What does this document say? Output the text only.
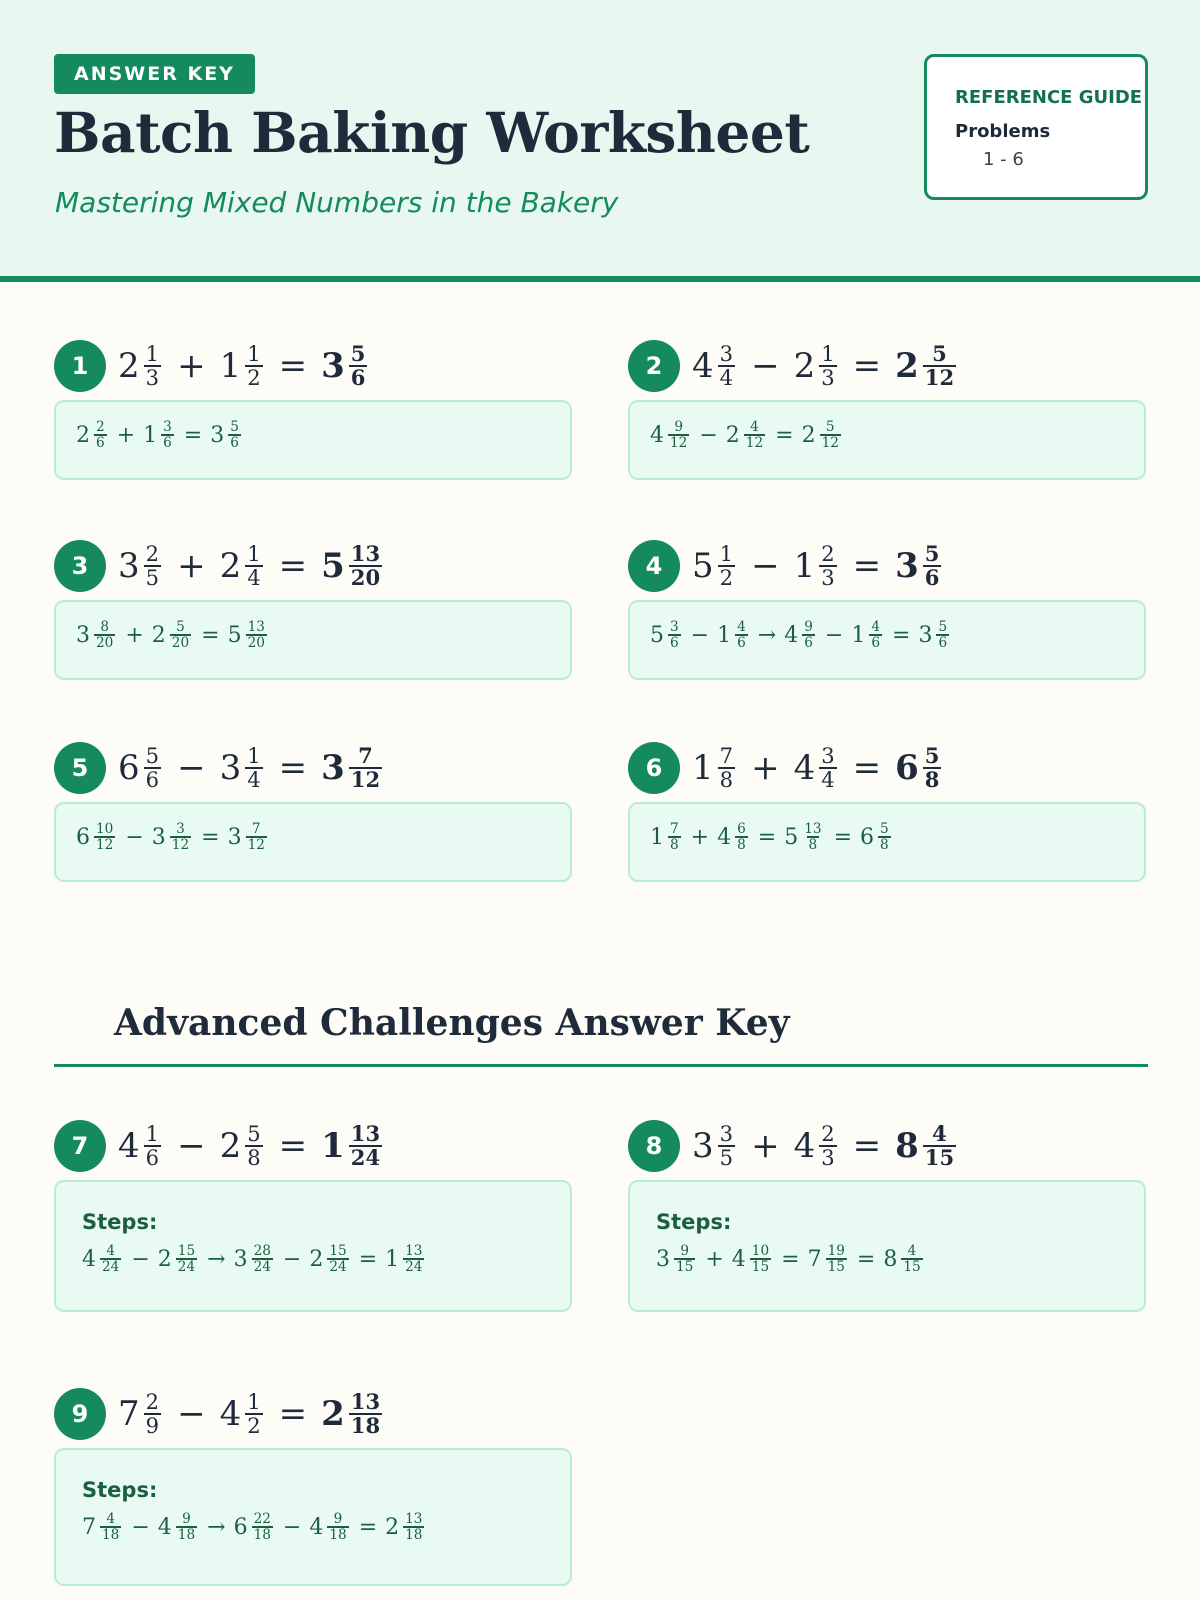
ANSWER KEY
Batch Baking Worksheet
Mastering Mixed Numbers in the Bakery
REFERENCE GUIDE
Problems
1 - 6
Advanced Challenges Answer Key
1 $2 \frac{1}{3} + 1 \frac{1}{2} = 3 \frac{5}{6}$
$2 \frac{2}{6} + 1 \frac{3}{6} = 3 \frac{5}{6}$
2 $4 \frac{3}{4} - 2 \frac{1}{3} = 2 \frac{5}{12}$
$4 \frac{9}{12} - 2 \frac{4}{12} = 2 \frac{5}{12}$
3 $3 \frac{2}{5} + 2 \frac{1}{4} = 5 \frac{13}{20}$
$3 \frac{8}{20} + 2 \frac{5}{20} = 5 \frac{13}{20}$
4 $5 \frac{1}{2} - 1 \frac{2}{3} = 3 \frac{5}{6}$
$5 \frac{3}{6} - 1 \frac{4}{6} \to 4 \frac{9}{6} - 1 \frac{4}{6} = 3 \frac{5}{6}$
5 $6 \frac{5}{6} - 3 \frac{1}{4} = 3 \frac{7}{12}$
$6 \frac{10}{12} - 3 \frac{3}{12} = 3 \frac{7}{12}$
6 $1 \frac{7}{8} + 4 \frac{3}{4} = 6 \frac{5}{8}$
$1 \frac{7}{8} + 4 \frac{6}{8} = 5 \frac{13}{8} = 6 \frac{5}{8}$
7 $4 \frac{1}{6} - 2 \frac{5}{8} = 1 \frac{13}{24}$
Steps:
$4 \frac{4}{24} - 2 \frac{15}{24} \to 3 \frac{28}{24} - 2 \frac{15}{24} = 1 \frac{13}{24}$
8 $3 \frac{3}{5} + 4 \frac{2}{3} = 8 \frac{4}{15}$
Steps:
$3 \frac{9}{15} + 4 \frac{10}{15} = 7 \frac{19}{15} = 8 \frac{4}{15}$
9 $7 \frac{2}{9} - 4 \frac{1}{2} = 2 \frac{13}{18}$
Steps:
$7 \frac{4}{18} - 4 \frac{9}{18} \to 6 \frac{22}{18} - 4 \frac{9}{18} = 2 \frac{13}{18}$
